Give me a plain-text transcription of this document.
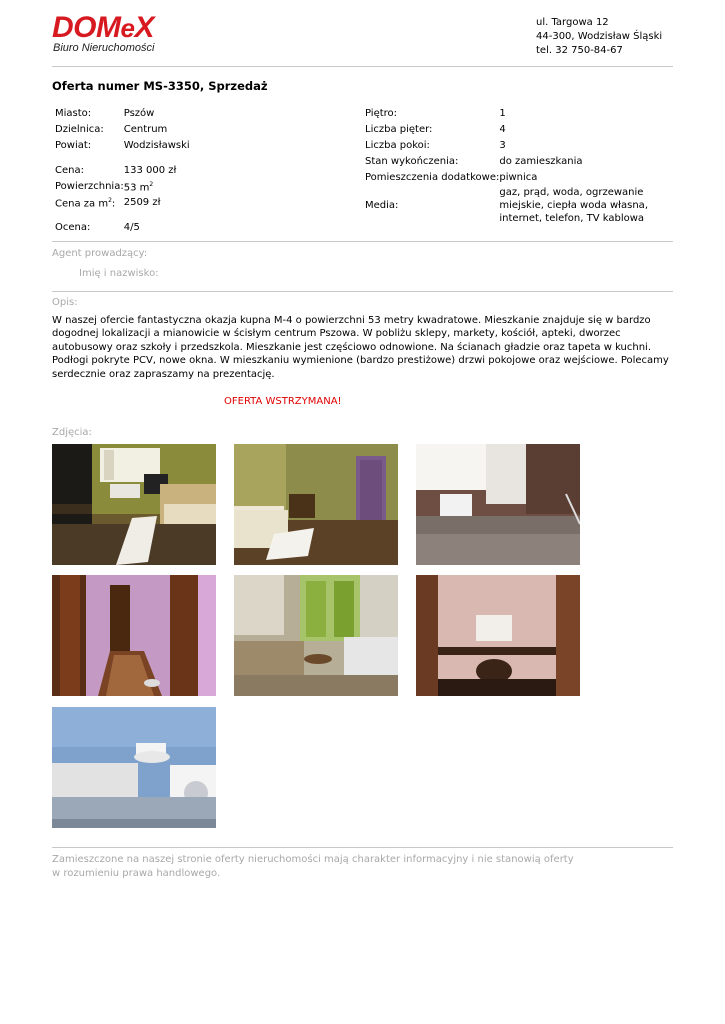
DOMeX
Biuro Nieruchomości
ul. Targowa 12
44-300, Wodzisław Śląski
tel. 32 750-84-67
Oferta numer MS-3350, Sprzedaż
Miasto:	Pszów
Dzielnica:	Centrum
Powiat:	Wodzisławski

Cena:	133 000 zł
Powierzchnia:	53 $m^2$
Cena za $m^2$:	2509 zł

Ocena:	4/5
Piętro:	1
Liczba pięter:	4
Liczba pokoi:	3
Stan wykończenia:	do zamieszkania
Pomieszczenia dodatkowe:	piwnica
Media:	gaz, prąd, woda, ogrzewanie miejskie, ciepła woda własna, internet, telefon, TV kablowa
Agent prowadzący:
Imię i nazwisko:
Opis:
W naszej ofercie fantastyczna okazja kupna M-4 o powierzchni 53 metry kwadratowe. Mieszkanie znajduje się w bardzo dogodnej lokalizacji a mianowicie w ścisłym centrum Pszowa. W pobliżu sklepy, markety, kościół, apteki, dworzec autobusowy oraz szkoły i przedszkola. Mieszkanie jest częściowo odnowione. Na ścianach gładzie oraz tapeta w kuchni. Podłogi pokryte PCV, nowe okna. W mieszkaniu wymienione (bardzo prestiżowe) drzwi pokojowe oraz wejściowe. Polecamy serdecznie oraz zapraszamy na prezentację.
OFERTA WSTRZYMANA!
Zdjęcia:
Zamieszczone na naszej stronie oferty nieruchomości mają charakter informacyjny i nie stanowią oferty
w rozumieniu prawa handlowego.
